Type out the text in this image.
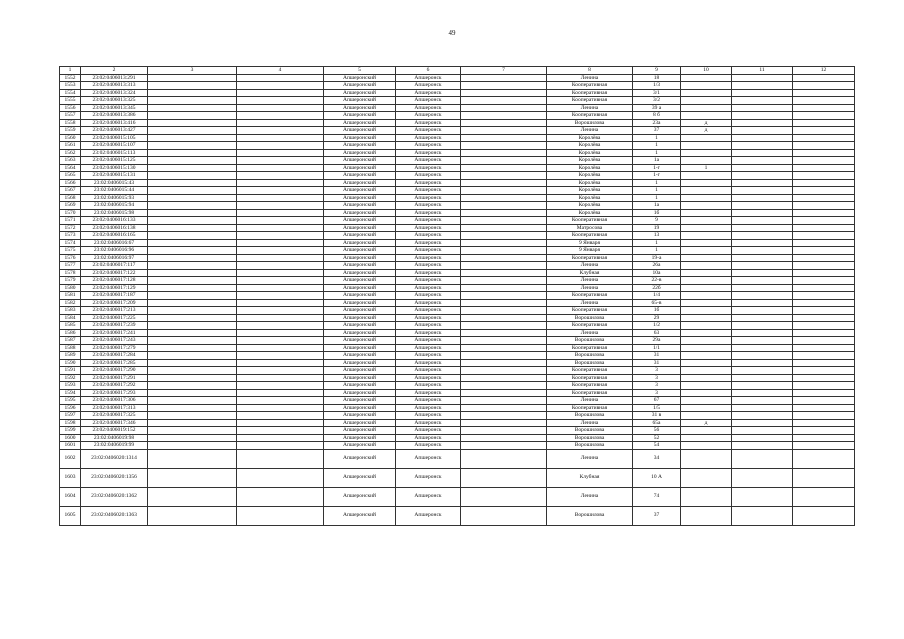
49
1	2	3	4	5	6	7	8	9	10	11	12
1552	23:02:0406013:291			Апшеронский	Апшеронск		Ленина	18			
1553	23:02:0406013:313			Апшеронский	Апшеронск		Кооперативная	1/3			
1554	23:02:0406013:324			Апшеронский	Апшеронск		Кооперативная	3/1			
1555	23:02:0406013:325			Апшеронский	Апшеронск		Кооперативная	3/2			
1556	23:02:0406013:345			Апшеронский	Апшеронск		Ленина	39 а			
1557	23:02:0406013:386			Апшеронский	Апшеронск		Кооперативная	8 б			
1558	23:02:0406013:416			Апшеронский	Апшеронск		Ворошилова	23а	д		
1559	23:02:0406013:427			Апшеронский	Апшеронск		Ленина	37	д		
1560	23:02:0406015:105			Апшеронский	Апшеронск		Королёва	1			
1561	23:02:0406015:107			Апшеронский	Апшеронск		Королёва	1			
1562	23:02:0406015:113			Апшеронский	Апшеронск		Королёва	1			
1563	23:02:0406015:125			Апшеронский	Апшеронск		Королёва	1а			
1564	23:02:0406015:130			Апшеронский	Апшеронск		Королёва	1-г	1		
1565	23:02:0406015:131			Апшеронский	Апшеронск		Королёва	1-г			
1566	23:02:0406015:43			Апшеронский	Апшеронск		Королёва	1			
1567	23:02:0406015:44			Апшеронский	Апшеронск		Королёва	1			
1568	23:02:0406015:93			Апшеронский	Апшеронск		Королёва	1			
1569	23:02:0406015:94			Апшеронский	Апшеронск		Королёва	1а			
1570	23:02:0406015:98			Апшеронский	Апшеронск		Королёва	1б			
1571	23:02:0406016:133			Апшеронский	Апшеронск		Кооперативная	9			
1572	23:02:0406016:138			Апшеронский	Апшеронск		Матросова	19			
1573	23:02:0406016:165			Апшеронский	Апшеронск		Кооперативная	13			
1574	23:02:0406016:67			Апшеронский	Апшеронск		9 Января	1			
1575	23:02:0406016:96			Апшеронский	Апшеронск		9 Января	1			
1576	23:02:0406016:97			Апшеронский	Апшеронск		Кооперативная	19-а			
1577	23:02:0406017:117			Апшеронский	Апшеронск		Ленина	26а			
1578	23:02:0406017:122			Апшеронский	Апшеронск		Клубная	10а			
1579	23:02:0406017:128			Апшеронский	Апшеронск		Ленина	22-в			
1580	23:02:0406017:129			Апшеронский	Апшеронск		Ленина	22б			
1581	23:02:0406017:187			Апшеронский	Апшеронск		Кооперативная	1/4			
1582	23:02:0406017:209			Апшеронский	Апшеронск		Ленина	65-в			
1583	23:02:0406017:213			Апшеронский	Апшеронск		Кооперативная	1б			
1584	23:02:0406017:225			Апшеронский	Апшеронск		Ворошилова	29			
1585	23:02:0406017:239			Апшеронский	Апшеронск		Кооперативная	1/2			
1586	23:02:0406017:241			Апшеронский	Апшеронск		Ленина	63			
1587	23:02:0406017:243			Апшеронский	Апшеронск		Ворошилова	29а			
1588	23:02:0406017:279			Апшеронский	Апшеронск		Кооперативная	1/1			
1589	23:02:0406017:284			Апшеронский	Апшеронск		Ворошилова	31			
1590	23:02:0406017:285			Апшеронский	Апшеронск		Ворошилова	31			
1591	23:02:0406017:290			Апшеронский	Апшеронск		Кооперативная	3			
1592	23:02:0406017:291			Апшеронский	Апшеронск		Кооперативная	3			
1593	23:02:0406017:292			Апшеронский	Апшеронск		Кооперативная	3			
1594	23:02:0406017:293			Апшеронский	Апшеронск		Кооперативная	3			
1595	23:02:0406017:306			Апшеронский	Апшеронск		Ленина	67			
1596	23:02:0406017:313			Апшеронский	Апшеронск		Кооперативная	1/5			
1597	23:02:0406017:325			Апшеронский	Апшеронск		Ворошилова	31 в			
1598	23:02:0406017:346			Апшеронский	Апшеронск		Ленина	65а	д		
1599	23:02:0406019:152			Апшеронский	Апшеронск		Ворошилова	56			
1600	23:02:0406019:98			Апшеронский	Апшеронск		Ворошилова	52			
1601	23:02:0406019:99			Апшеронский	Апшеронск		Ворошилова	54			
1602	23:02:0406020:1314			Апшеронский	Апшеронск		Ленина	34			
1603	23:02:0406020:1356			Апшеронский	Апшеронск		Клубная	10 А			
1604	23:02:0406020:1362			Апшеронский	Апшеронск		Ленина	74			
1605	23:02:0406020:1363			Апшеронский	Апшеронск		Ворошилова	37			
